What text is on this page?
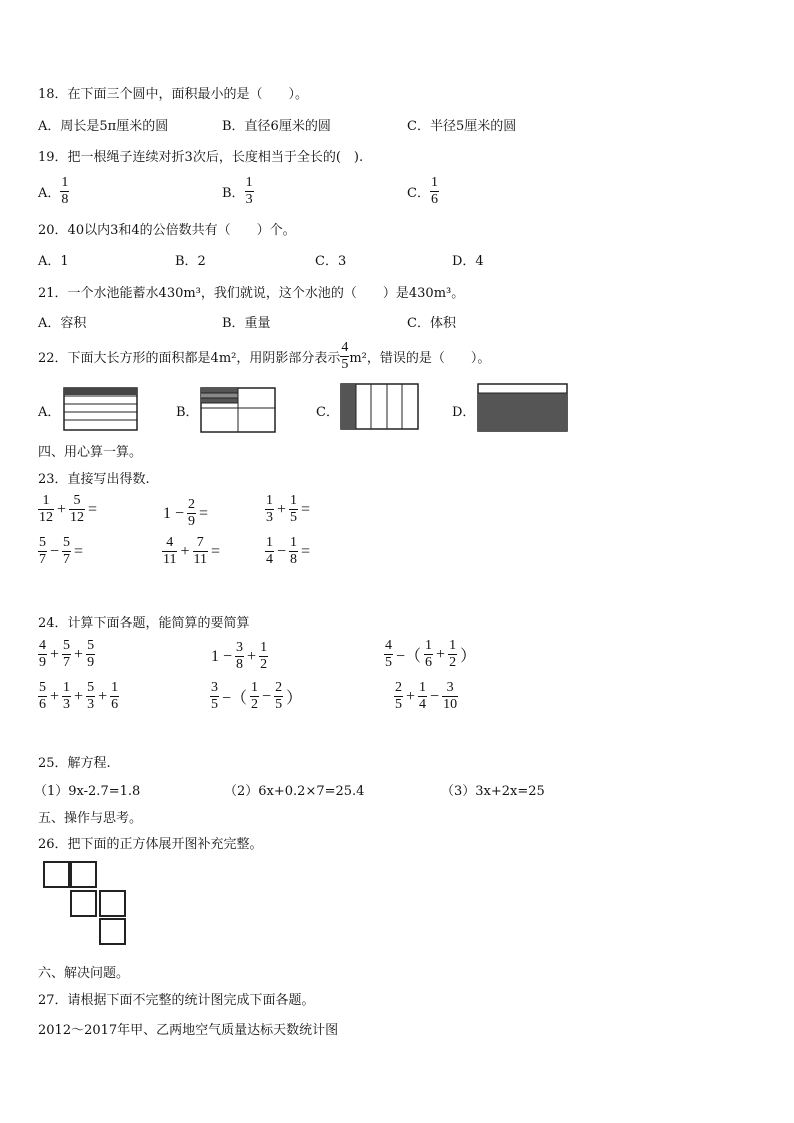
18．在下面三个圆中，面积最小的是（　　）。
A．周长是5π厘米的圆	B．直径6厘米的圆	C．半径5厘米的圆
19．把一根绳子连续对折3次后，长度相当于全长的(　).
A． $\frac{1}{8}$	B． $\frac{1}{3}$	C． $\frac{1}{6}$
20．40以内3和4的公倍数共有（　　）个。
A．1	B．2	C．3	D．4
21．一个水池能蓄水430m³，我们就说，这个水池的（　　）是430m³。
A．容积	B．重量	C．体积
22．下面大长方形的面积都是4m²，用阴影部分表示 $\frac{4}{5} m^2$，错误的是（　　）。
A．	B．	C．	D．
四、用心算一算。
23．直接写出得数.
$\frac{1}{12} + \frac{5}{12}$ =	$1 - \frac{2}{9}$ =	$\frac{1}{3} + \frac{1}{5}$ =
$\frac{5}{7} - \frac{5}{7}$ =	$\frac{4}{11} + \frac{7}{11}$ =	$\frac{1}{4} - \frac{1}{8}$ =
24．计算下面各题，能简算的要简算
$\frac{4}{9} + \frac{5}{7} + \frac{5}{9}$	$1 - \frac{3}{8} + \frac{1}{2}$	$\frac{4}{5}$ −（ $\frac{1}{6} + \frac{1}{2}$ ）
$\frac{5}{6} + \frac{1}{3} + \frac{5}{3} + \frac{1}{6}$	$\frac{3}{5}$ −（ $\frac{1}{2} - \frac{2}{5}$ ）	$\frac{2}{5} + \frac{1}{4} - \frac{3}{10}$
25．解方程.
（1）9x-2.7=1.8	（2）6x+0.2×7=25.4	（3）3x+2x=25
五、操作与思考。
26．把下面的正方体展开图补充完整。
六、解决问题。
27．请根据下面不完整的统计图完成下面各题。
2012～2017年甲、乙两地空气质量达标天数统计图
